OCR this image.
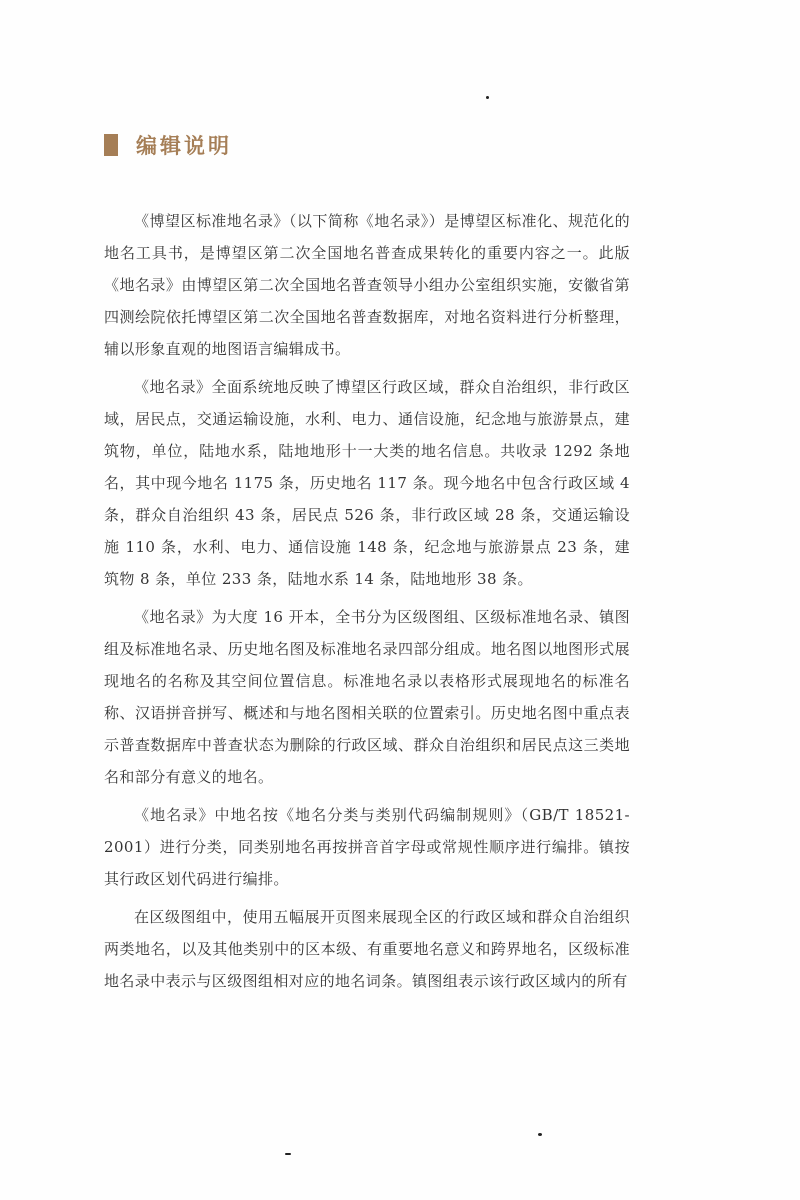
编辑说明

《博望区标准地名录》（以下简称《地名录》）是博望区标准化、规范化的地名工具书，是博望区第二次全国地名普查成果转化的重要内容之一。此版《地名录》由博望区第二次全国地名普查领导小组办公室组织实施，安徽省第四测绘院依托博望区第二次全国地名普查数据库，对地名资料进行分析整理，辅以形象直观的地图语言编辑成书。

《地名录》全面系统地反映了博望区行政区域，群众自治组织，非行政区域，居民点，交通运输设施，水利、电力、通信设施，纪念地与旅游景点，建筑物，单位，陆地水系，陆地地形十一大类的地名信息。共收录 1292 条地名，其中现今地名 1175 条，历史地名 117 条。现今地名中包含行政区域 4 条，群众自治组织 43 条，居民点 526 条，非行政区域 28 条，交通运输设施 110 条，水利、电力、通信设施 148 条，纪念地与旅游景点 23 条，建筑物 8 条，单位 233 条，陆地水系 14 条，陆地地形 38 条。

《地名录》为大度 16 开本，全书分为区级图组、区级标准地名录、镇图组及标准地名录、历史地名图及标准地名录四部分组成。地名图以地图形式展现地名的名称及其空间位置信息。标准地名录以表格形式展现地名的标准名称、汉语拼音拼写、概述和与地名图相关联的位置索引。历史地名图中重点表示普查数据库中普查状态为删除的行政区域、群众自治组织和居民点这三类地名和部分有意义的地名。

《地名录》中地名按《地名分类与类别代码编制规则》（GB/T 18521-2001）进行分类，同类别地名再按拼音首字母或常规性顺序进行编排。镇按其行政区划代码进行编排。

在区级图组中，使用五幅展开页图来展现全区的行政区域和群众自治组织两类地名，以及其他类别中的区本级、有重要地名意义和跨界地名，区级标准地名录中表示与区级图组相对应的地名词条。镇图组表示该行政区域内的所有
